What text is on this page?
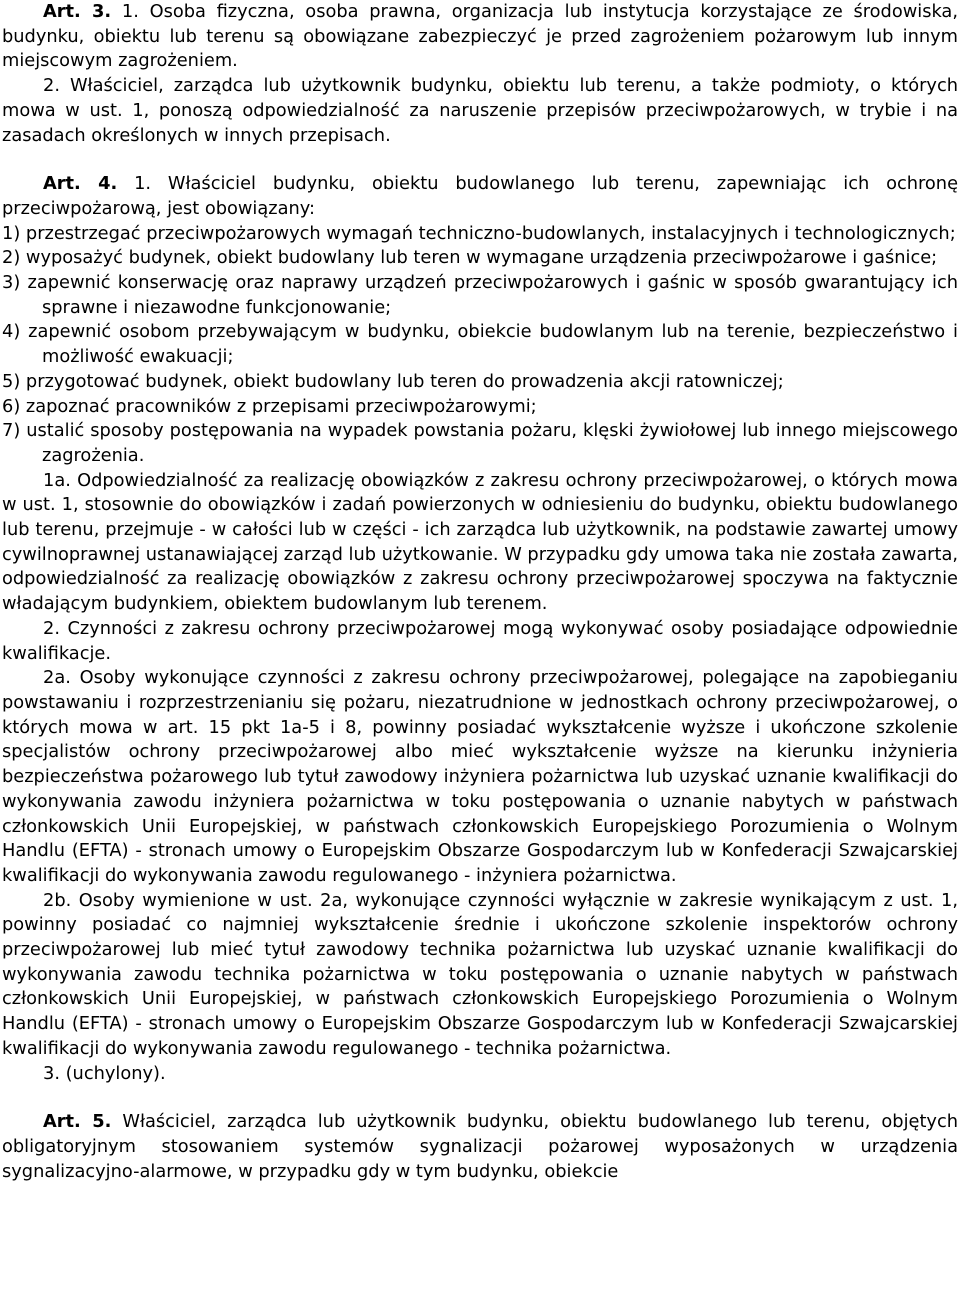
Art. 3. 1. Osoba fizyczna, osoba prawna, organizacja lub instytucja korzystające ze środowiska, budynku, obiektu lub terenu są obowiązane zabezpieczyć je przed zagrożeniem pożarowym lub innym miejscowym zagrożeniem.

2. Właściciel, zarządca lub użytkownik budynku, obiektu lub terenu, a także podmioty, o których mowa w ust. 1, ponoszą odpowiedzialność za naruszenie przepisów przeciwpożarowych, w trybie i na zasadach określonych w innych przepisach.

Art. 4. 1. Właściciel budynku, obiektu budowlanego lub terenu, zapewniając ich ochronę przeciwpożarową, jest obowiązany:

1) przestrzegać przeciwpożarowych wymagań techniczno-budowlanych, instalacyjnych i technologicznych;

2) wyposażyć budynek, obiekt budowlany lub teren w wymagane urządzenia przeciwpożarowe i gaśnice;

3) zapewnić konserwację oraz naprawy urządzeń przeciwpożarowych i gaśnic w sposób gwarantujący ich sprawne i niezawodne funkcjonowanie;

4) zapewnić osobom przebywającym w budynku, obiekcie budowlanym lub na terenie, bezpieczeństwo i możliwość ewakuacji;

5) przygotować budynek, obiekt budowlany lub teren do prowadzenia akcji ratowniczej;

6) zapoznać pracowników z przepisami przeciwpożarowymi;

7) ustalić sposoby postępowania na wypadek powstania pożaru, klęski żywiołowej lub innego miejscowego zagrożenia.

1a. Odpowiedzialność za realizację obowiązków z zakresu ochrony przeciwpożarowej, o których mowa w ust. 1, stosownie do obowiązków i zadań powierzonych w odniesieniu do budynku, obiektu budowlanego lub terenu, przejmuje - w całości lub w części - ich zarządca lub użytkownik, na podstawie zawartej umowy cywilnoprawnej ustanawiającej zarząd lub użytkowanie. W przypadku gdy umowa taka nie została zawarta, odpowiedzialność za realizację obowiązków z zakresu ochrony przeciwpożarowej spoczywa na faktycznie władającym budynkiem, obiektem budowlanym lub terenem.

2. Czynności z zakresu ochrony przeciwpożarowej mogą wykonywać osoby posiadające odpowiednie kwalifikacje.

2a. Osoby wykonujące czynności z zakresu ochrony przeciwpożarowej, polegające na zapobieganiu powstawaniu i rozprzestrzenianiu się pożaru, niezatrudnione w jednostkach ochrony przeciwpożarowej, o których mowa w art. 15 pkt 1a-5 i 8, powinny posiadać wykształcenie wyższe i ukończone szkolenie specjalistów ochrony przeciwpożarowej albo mieć wykształcenie wyższe na kierunku inżynieria bezpieczeństwa pożarowego lub tytuł zawodowy inżyniera pożarnictwa lub uzyskać uznanie kwalifikacji do wykonywania zawodu inżyniera pożarnictwa w toku postępowania o uznanie nabytych w państwach członkowskich Unii Europejskiej, w państwach członkowskich Europejskiego Porozumienia o Wolnym Handlu (EFTA) - stronach umowy o Europejskim Obszarze Gospodarczym lub w Konfederacji Szwajcarskiej kwalifikacji do wykonywania zawodu regulowanego - inżyniera pożarnictwa.

2b. Osoby wymienione w ust. 2a, wykonujące czynności wyłącznie w zakresie wynikającym z ust. 1, powinny posiadać co najmniej wykształcenie średnie i ukończone szkolenie inspektorów ochrony przeciwpożarowej lub mieć tytuł zawodowy technika pożarnictwa lub uzyskać uznanie kwalifikacji do wykonywania zawodu technika pożarnictwa w toku postępowania o uznanie nabytych w państwach członkowskich Unii Europejskiej, w państwach członkowskich Europejskiego Porozumienia o Wolnym Handlu (EFTA) - stronach umowy o Europejskim Obszarze Gospodarczym lub w Konfederacji Szwajcarskiej kwalifikacji do wykonywania zawodu regulowanego - technika pożarnictwa.

3. (uchylony).

Art. 5. Właściciel, zarządca lub użytkownik budynku, obiektu budowlanego lub terenu, objętych obligatoryjnym stosowaniem systemów sygnalizacji pożarowej wyposażonych w urządzenia sygnalizacyjno-alarmowe, w przypadku gdy w tym budynku, obiekcie
